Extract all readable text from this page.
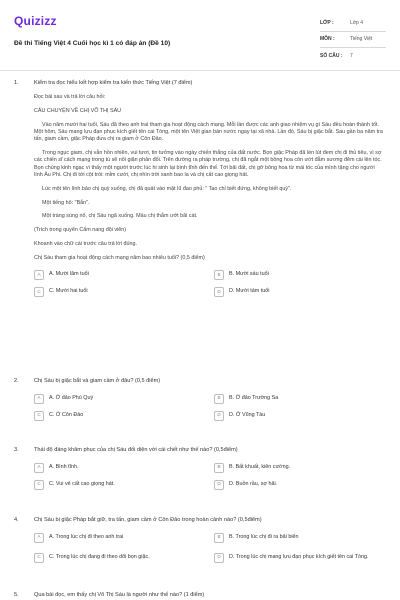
Quizizz
Đề thi Tiếng Việt 4 Cuối học kì 1 có đáp án (Đề 10)
LỚP :	Lớp 4
MÔN :	Tiếng Việt
SỐ CÂU :	7
1.	Kiểm tra đọc hiểu kết hợp kiểm tra kiến thức Tiếng Việt (7 điểm)

Đọc bài sau và trả lời câu hỏi:

CÂU CHUYỆN VỀ CHỊ VÕ THỊ SÁU

Vào năm mười hai tuổi, Sáu đã theo anh trai tham gia hoạt động cách mạng. Mỗi lần được các anh giao nhiệm vụ gì Sáu đều hoàn thành tốt. Một hôm, Sáu mang lựu đạn phục kích giết tên cai Tòng, một tên Việt gian bán nước ngay tại xã nhà. Lần đó, Sáu bị giặc bắt. Sau gần ba năm tra tấn, giam cầm, giặc Pháp đưa chị ra giam ở Côn Đảo.

Trong ngục giam, chị vẫn hồn nhiên, vui tươi, tin tưởng vào ngày chiến thắng của đất nước. Bọn giặc Pháp đã lén lút đem chị đi thủ tiêu, vì sợ các chiến sĩ cách mạng trong tù sẽ nổi giận phản đối. Trên đường ra pháp trường, chị đã ngắt một bông hoa còn ướt đẫm sương đêm cài lên tóc. Bọn chúng kinh ngạc vì thấy một người trước lúc hi sinh lại bình tĩnh đến thế. Tới bãi đất, chị gỡ bông hoa từ mái tóc của mình tặng cho người lính Âu Phi. Chị đi tới cột trói: mỉm cười, chị nhìn trời xanh bao la và chị cất cao giọng hát.

Lúc một tên lính bảo chị quỳ xuống, chị đã quát vào mặt lũ đao phủ: " Tao chỉ biết đứng, không biết quỳ".

Một tiếng hô: "Bắn".

Một tràng súng nổ, chị Sáu ngã xuống. Máu chị thắm ướt bãi cát.

(Trích trong quyển Cẩm nang đội viên)

Khoanh vào chữ cái trước câu trả lời đúng.

Chị Sáu tham gia hoạt động cách mạng năm bao nhiêu tuổi? (0,5 điểm)

A	A. Mười lăm tuổi	B	B. Mười sáu tuổi
C	C. Mười hai tuổi	D	D. Mười tám tuổi
2.	Chị Sáu bị giặc bắt và giam cầm ở đâu? (0,5 điểm)
A	A. Ở đảo Phú Quý	B	B. Ở đảo Trường Sa
C	C. Ở Côn Đảo	D	D. Ở Vũng Tàu
3.	Thái độ đáng khâm phục của chị Sáu đối diện với cái chết như thế nào? (0,5điểm)
A	A. Bình tĩnh.	B	B. Bất khuất, kiên cường.
C	C. Vui vẻ cất cao giọng hát.	D	D. Buồn rầu, sợ hãi.
4.	Chị Sáu bị giặc Pháp bắt giữ, tra tấn, giam cầm ở Côn Đảo trong hoàn cảnh nào? (0,5điểm)
A	A. Trong lúc chị đi theo anh trai	B	B. Trong lúc chị đi ra bãi biển
C	C. Trong lúc chị đang đi theo dõi bọn giặc.	D	D. Trong lúc chị mang lựu đạn phục kích giết tên cai Tòng.
5.	Qua bài đọc, em thấy chị Võ Thị Sáu là người như thế nào? (1 điểm)
